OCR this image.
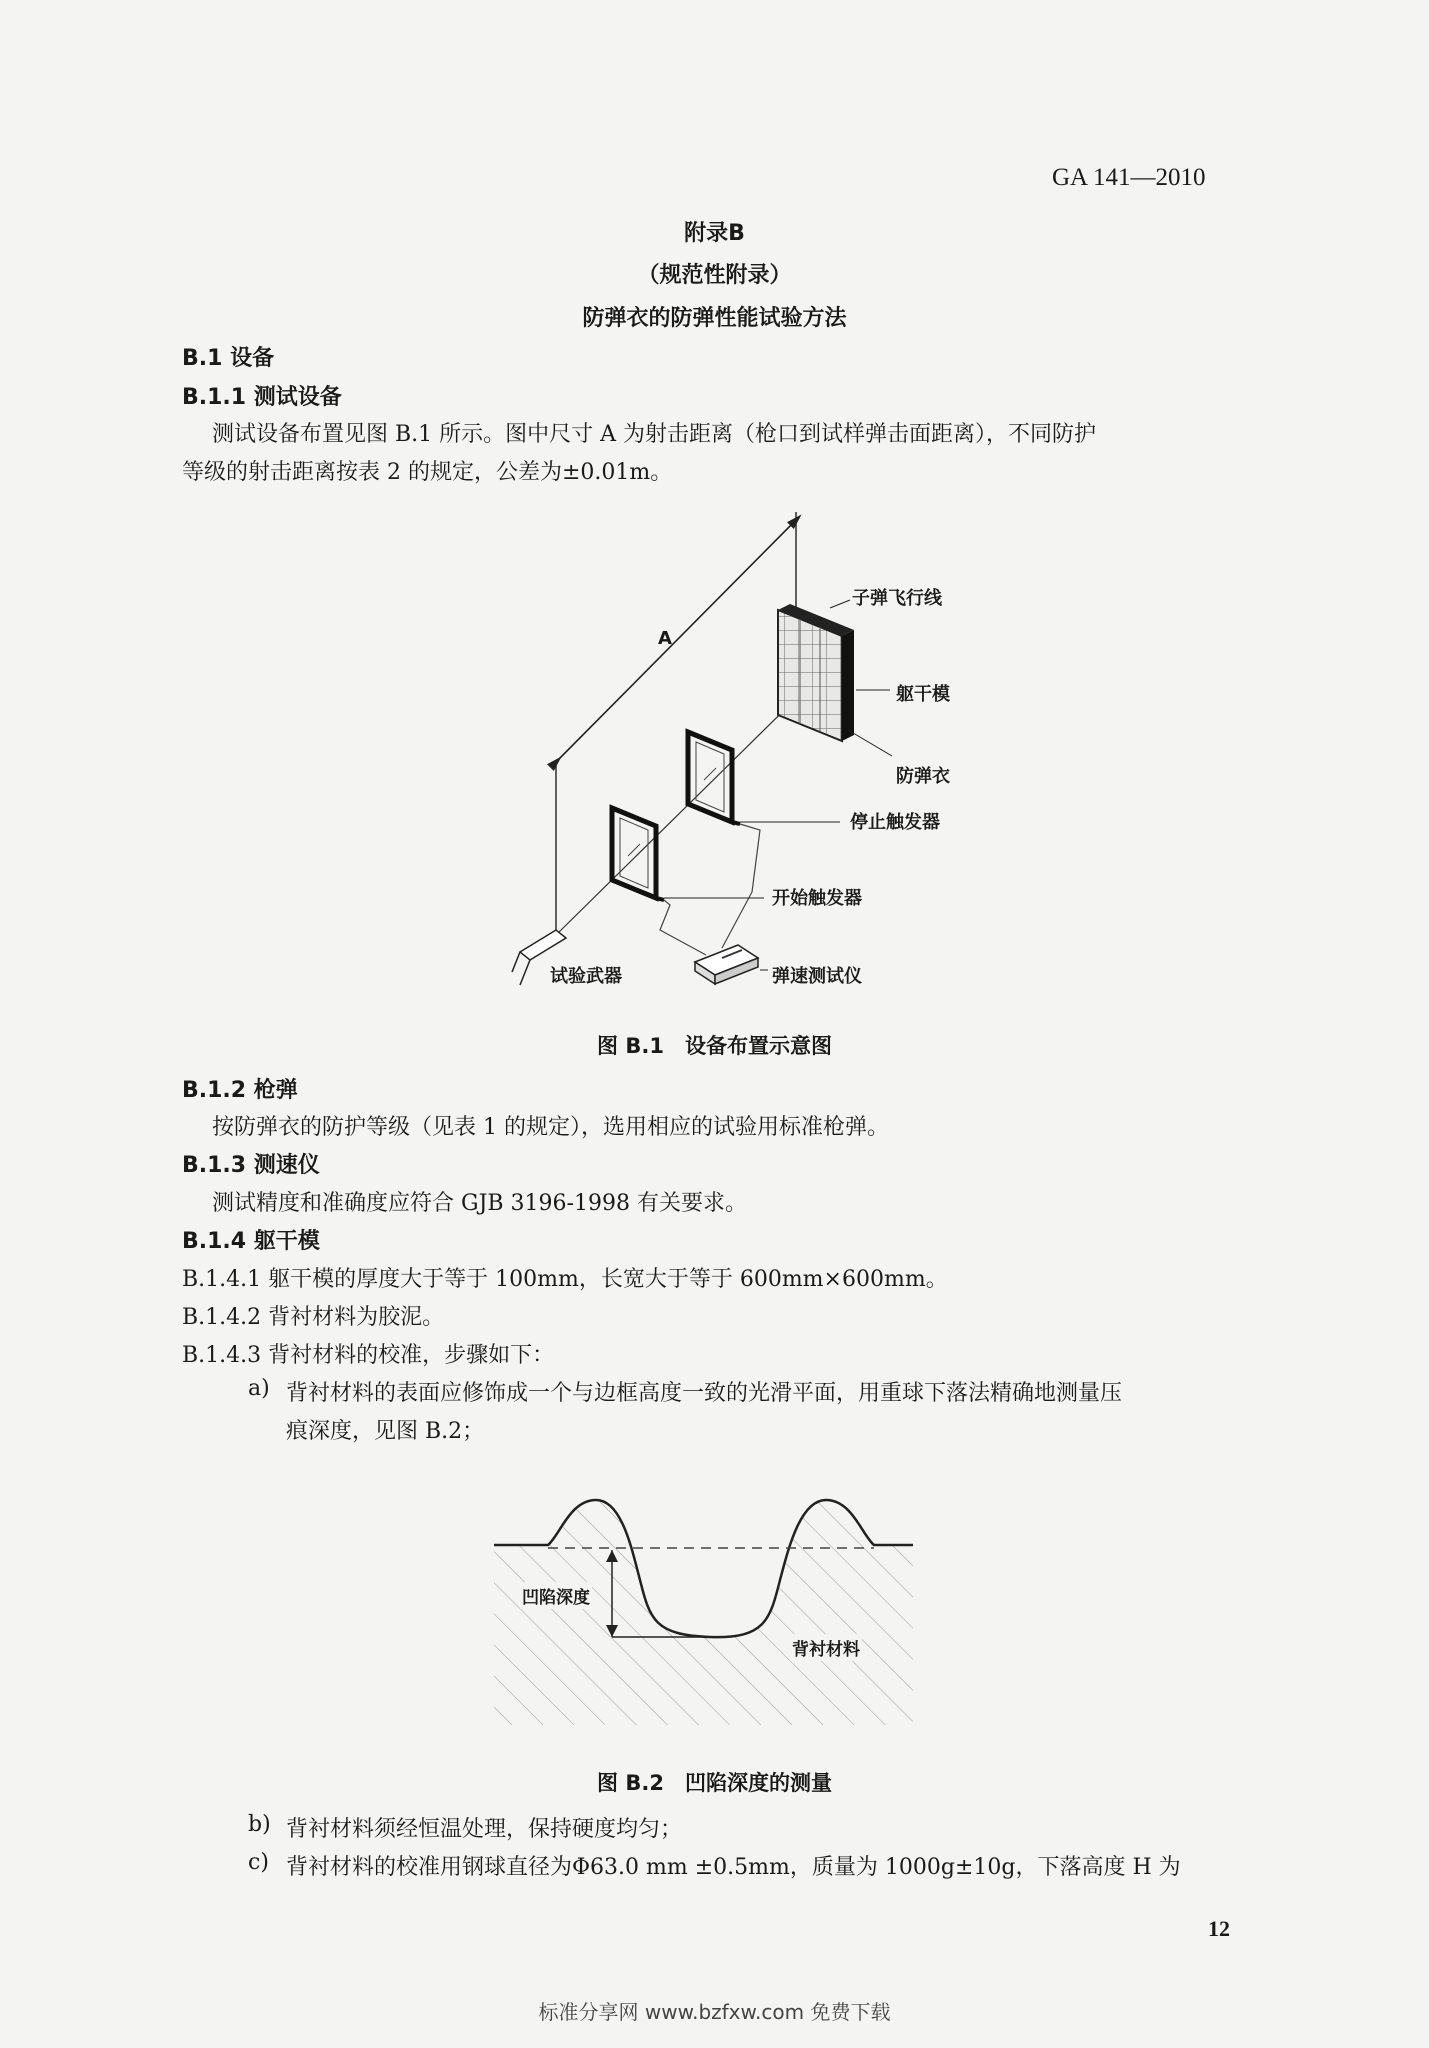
GA 141—2010
附录B
（规范性附录）
防弹衣的防弹性能试验方法
B.1 设备
B.1.1 测试设备
测试设备布置见图 B.1 所示。图中尺寸 A 为射击距离（枪口到试样弹击面距离），不同防护
等级的射击距离按表 2 的规定，公差为±0.01m。
A
子弹飞行线
躯干模
防弹衣
停止触发器
开始触发器
试验武器	弹速测试仪
图 B.1　设备布置示意图
B.1.2 枪弹
按防弹衣的防护等级（见表 1 的规定），选用相应的试验用标准枪弹。
B.1.3 测速仪
测试精度和准确度应符合 GJB 3196-1998 有关要求。
B.1.4 躯干模
B.1.4.1 躯干模的厚度大于等于 100mm，长宽大于等于 600mm×600mm。
B.1.4.2 背衬材料为胶泥。
B.1.4.3 背衬材料的校准，步骤如下：
a) 背衬材料的表面应修饰成一个与边框高度一致的光滑平面，用重球下落法精确地测量压
痕深度，见图 B.2；
凹陷深度
背衬材料
图 B.2　凹陷深度的测量
b) 背衬材料须经恒温处理，保持硬度均匀；
c) 背衬材料的校准用钢球直径为Φ63.0 mm ±0.5mm，质量为 1000g±10g，下落高度 H 为
12
标准分享网 www.bzfxw.com 免费下载
